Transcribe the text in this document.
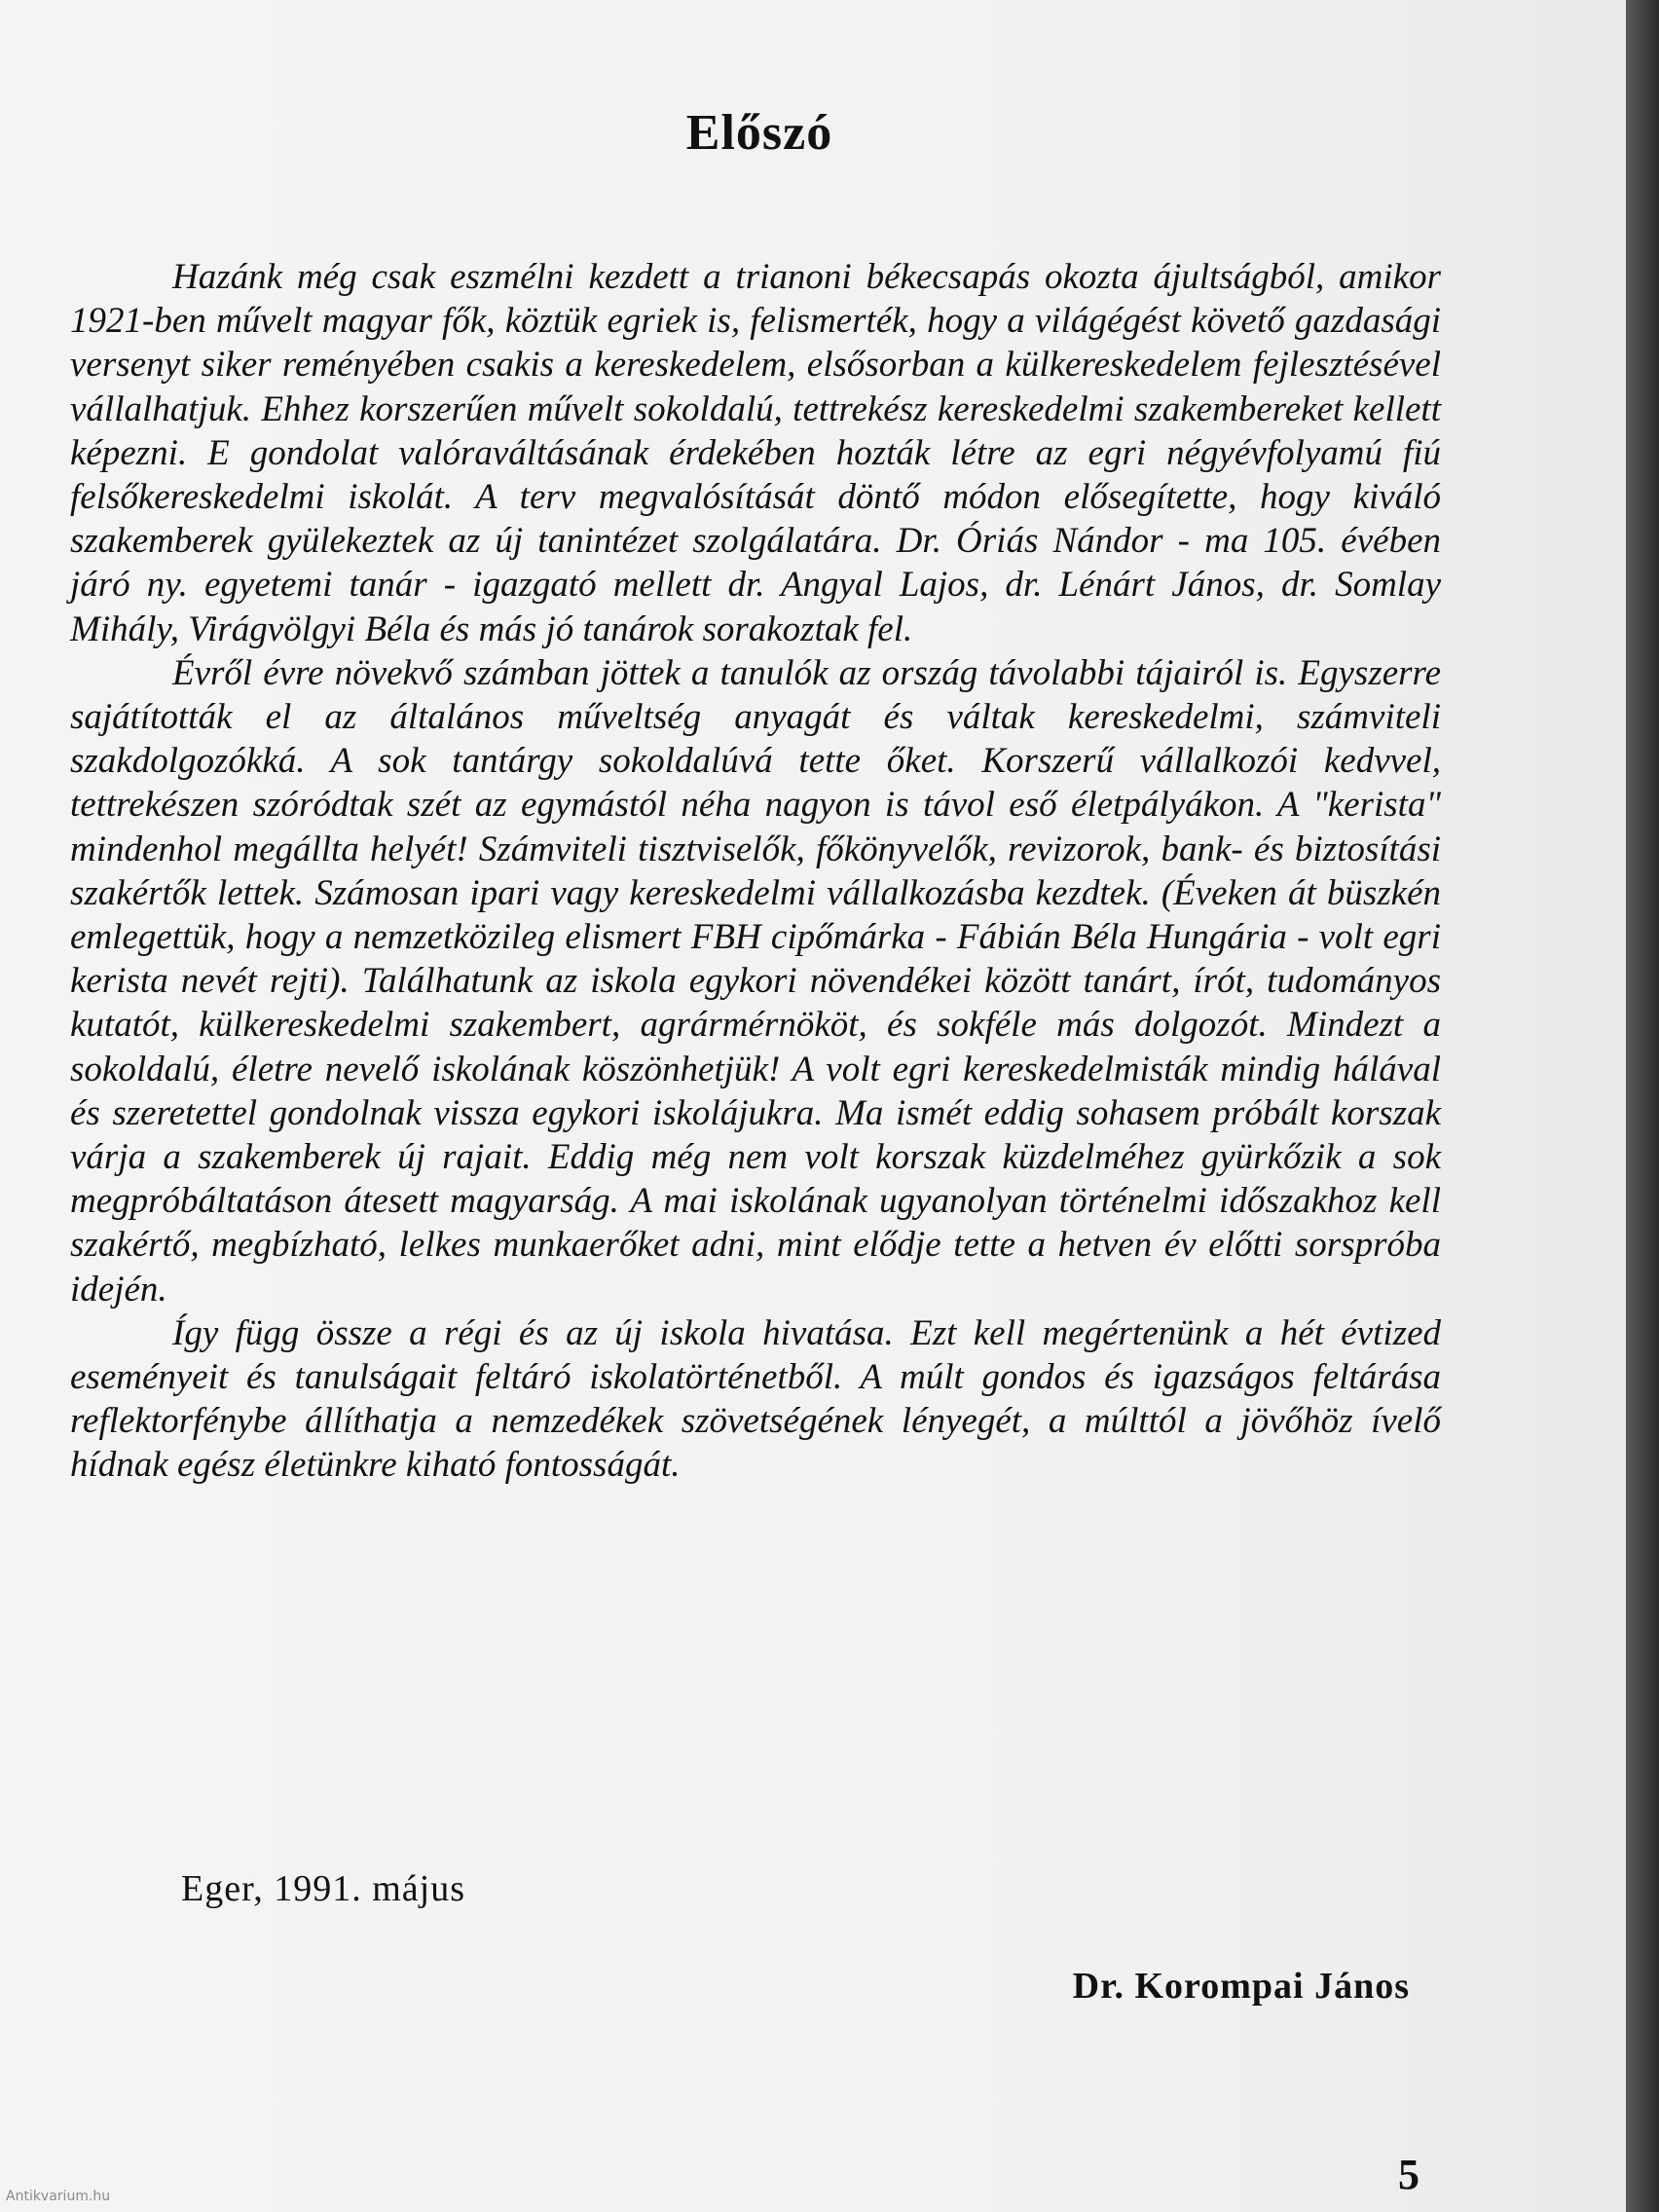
Előszó

Hazánk még csak eszmélni kezdett a trianoni békecsapás okozta ájultságból, amikor 1921-ben művelt magyar fők, köztük egriek is, felismerték, hogy a világégést követő gazdasági versenyt siker reményében csakis a kereskedelem, elsősorban a külkereskedelem fejlesztésével vállalhatjuk. Ehhez korszerűen művelt sokoldalú, tettrekész kereskedelmi szakembereket kellett képezni. E gondolat valóraváltásának érdekében hozták létre az egri négyévfolyamú fiú felsőkereskedelmi iskolát. A terv megvalósítását döntő módon elősegítette, hogy kiváló szakemberek gyülekeztek az új tanintézet szolgálatára. Dr. Óriás Nándor - ma 105. évében járó ny. egyetemi tanár - igazgató mellett dr. Angyal Lajos, dr. Lénárt János, dr. Somlay Mihály, Virágvölgyi Béla és más jó tanárok sorakoztak fel.

Évről évre növekvő számban jöttek a tanulók az ország távolabbi tájairól is. Egyszerre sajátították el az általános műveltség anyagát és váltak kereskedelmi, számviteli szakdolgozókká. A sok tantárgy sokoldalúvá tette őket. Korszerű vállalkozói kedvvel, tettrekészen szóródtak szét az egymástól néha nagyon is távol eső életpályákon. A "kerista" mindenhol megállta helyét! Számviteli tisztviselők, főkönyvelők, revizorok, bank- és biztosítási szakértők lettek. Számosan ipari vagy kereskedelmi vállalkozásba kezdtek. (Éveken át büszkén emlegettük, hogy a nemzetközileg elismert FBH cipőmárka - Fábián Béla Hungária - volt egri kerista nevét rejti). Találhatunk az iskola egykori növendékei között tanárt, írót, tudományos kutatót, külkereskedelmi szakembert, agrármérnököt, és sokféle más dolgozót. Mindezt a sokoldalú, életre nevelő iskolának köszönhetjük! A volt egri kereskedelmisták mindig hálával és szeretettel gondolnak vissza egykori iskolájukra. Ma ismét eddig sohasem próbált korszak várja a szakemberek új rajait. Eddig még nem volt korszak küzdelméhez gyürkőzik a sok megpróbáltatáson átesett magyarság. A mai iskolának ugyanolyan történelmi időszakhoz kell szakértő, megbízható, lelkes munkaerőket adni, mint elődje tette a hetven év előtti sorspróba idején.

Így függ össze a régi és az új iskola hivatása. Ezt kell megértenünk a hét évtized eseményeit és tanulságait feltáró iskolatörténetből. A múlt gondos és igazságos feltárása reflektorfénybe állíthatja a nemzedékek szövetségének lényegét, a múlttól a jövőhöz ívelő hídnak egész életünkre kiható fontosságát.

Eger, 1991. május
Dr. Korompai János
5
Antikvarium.hu
